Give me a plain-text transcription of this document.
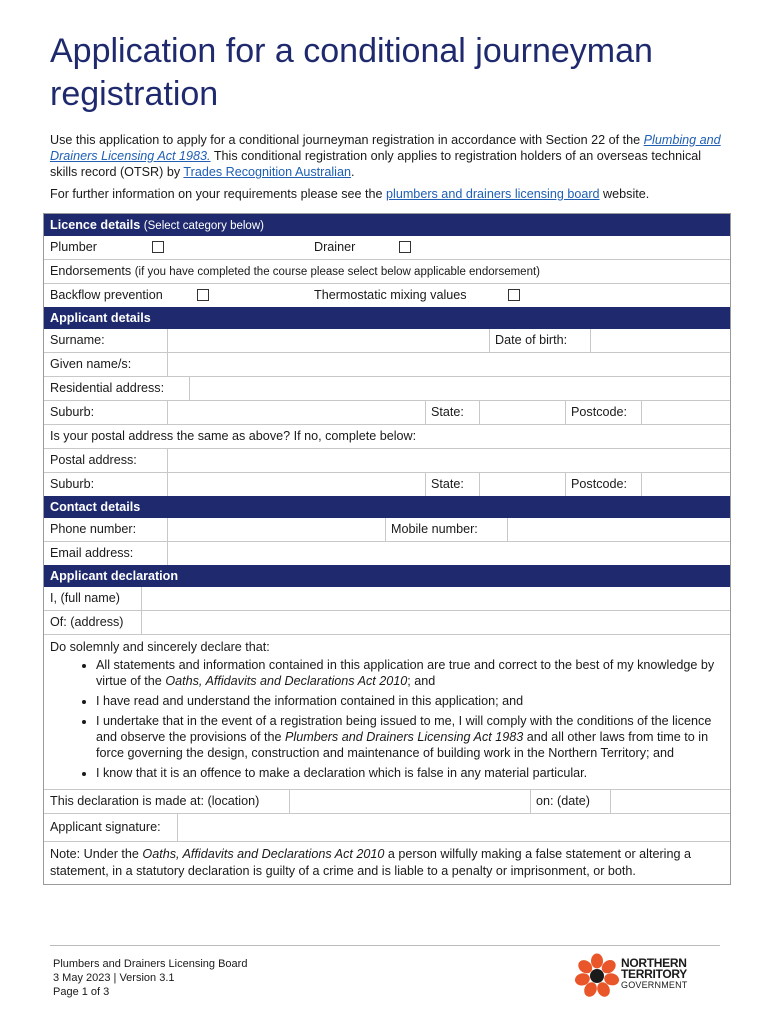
Application for a conditional journeyman registration

Use this application to apply for a conditional journeyman registration in accordance with Section 22 of the Plumbing and Drainers Licensing Act 1983. This conditional registration only applies to registration holders of an overseas technical skills record (OTSR) by Trades Recognition Australian.

For further information on your requirements please see the plumbers and drainers licensing board website.

Licence details (Select category below)
Plumber	Drainer
Endorsements (if you have completed the course please select below applicable endorsement)
Backflow prevention	Thermostatic mixing values
Applicant details
Surname:	Date of birth:
Given name/s:
Residential address:
Suburb:	State:	Postcode:
Is your postal address the same as above? If no, complete below:
Postal address:
Suburb:	State:	Postcode:
Contact details
Phone number:	Mobile number:
Email address:
Applicant declaration
I, (full name)
Of: (address)
Do solemnly and sincerely declare that:
• All statements and information contained in this application are true and correct to the best of my knowledge by virtue of the Oaths, Affidavits and Declarations Act 2010; and
• I have read and understand the information contained in this application; and
• I undertake that in the event of a registration being issued to me, I will comply with the conditions of the licence and observe the provisions of the Plumbers and Drainers Licensing Act 1983 and all other laws from time to in force governing the design, construction and maintenance of building work in the Northern Territory; and
• I know that it is an offence to make a declaration which is false in any material particular.
This declaration is made at: (location)	on: (date)
Applicant signature:
Note: Under the Oaths, Affidavits and Declarations Act 2010 a person wilfully making a false statement or altering a statement, in a statutory declaration is guilty of a crime and is liable to a penalty or imprisonment, or both.
Plumbers and Drainers Licensing Board
3 May 2023 | Version 3.1
Page 1 of 3
NORTHERN
TERRITORY
GOVERNMENT
